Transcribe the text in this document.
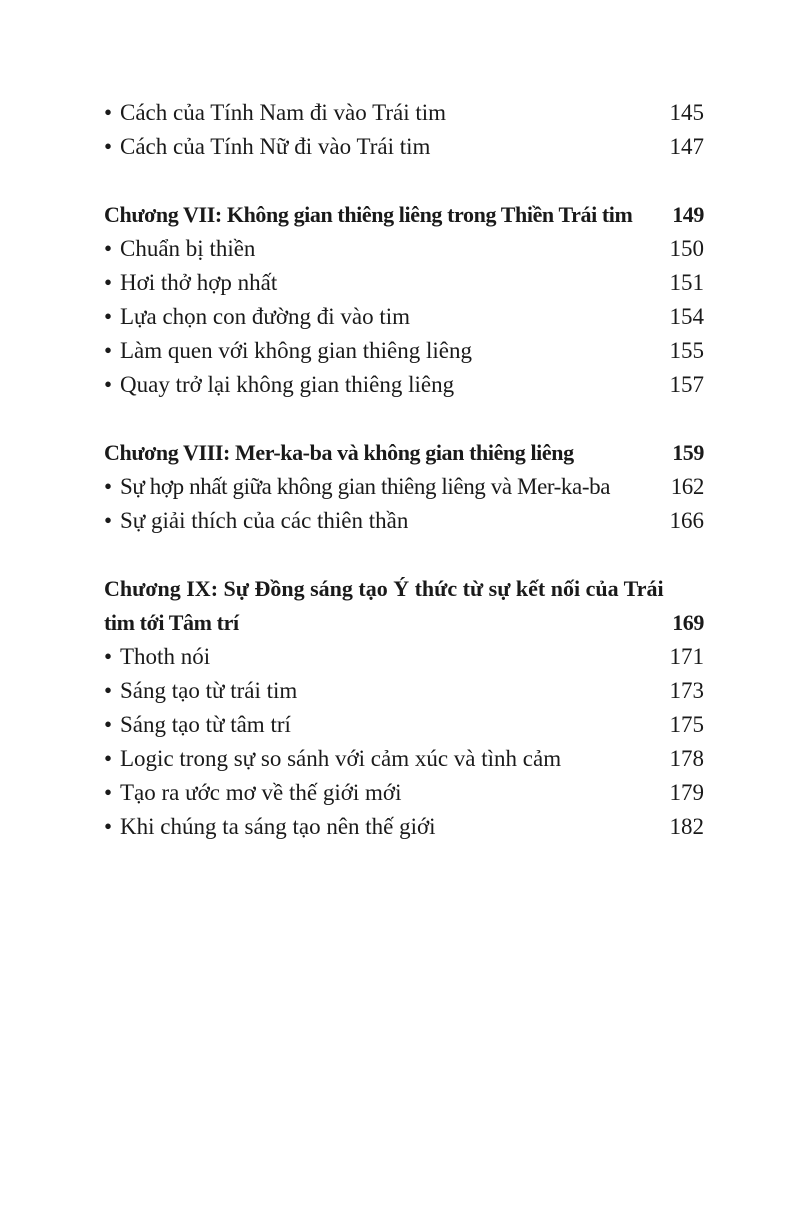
• Cách của Tính Nam đi vào Trái tim	145
• Cách của Tính Nữ đi vào Trái tim	147
Chương VII: Không gian thiêng liêng trong Thiền Trái tim	149
• Chuẩn bị thiền	150
• Hơi thở hợp nhất	151
• Lựa chọn con đường đi vào tim	154
• Làm quen với không gian thiêng liêng	155
• Quay trở lại không gian thiêng liêng	157
Chương VIII: Mer-ka-ba và không gian thiêng liêng	159
• Sự hợp nhất giữa không gian thiêng liêng và Mer-ka-ba	162
• Sự giải thích của các thiên thần	166
Chương IX: Sự Đồng sáng tạo Ý thức từ sự kết nối của Trái
tim tới Tâm trí	169
• Thoth nói	171
• Sáng tạo từ trái tim	173
• Sáng tạo từ tâm trí	175
• Logic trong sự so sánh với cảm xúc và tình cảm	178
• Tạo ra ước mơ về thế giới mới	179
• Khi chúng ta sáng tạo nên thế giới	182
